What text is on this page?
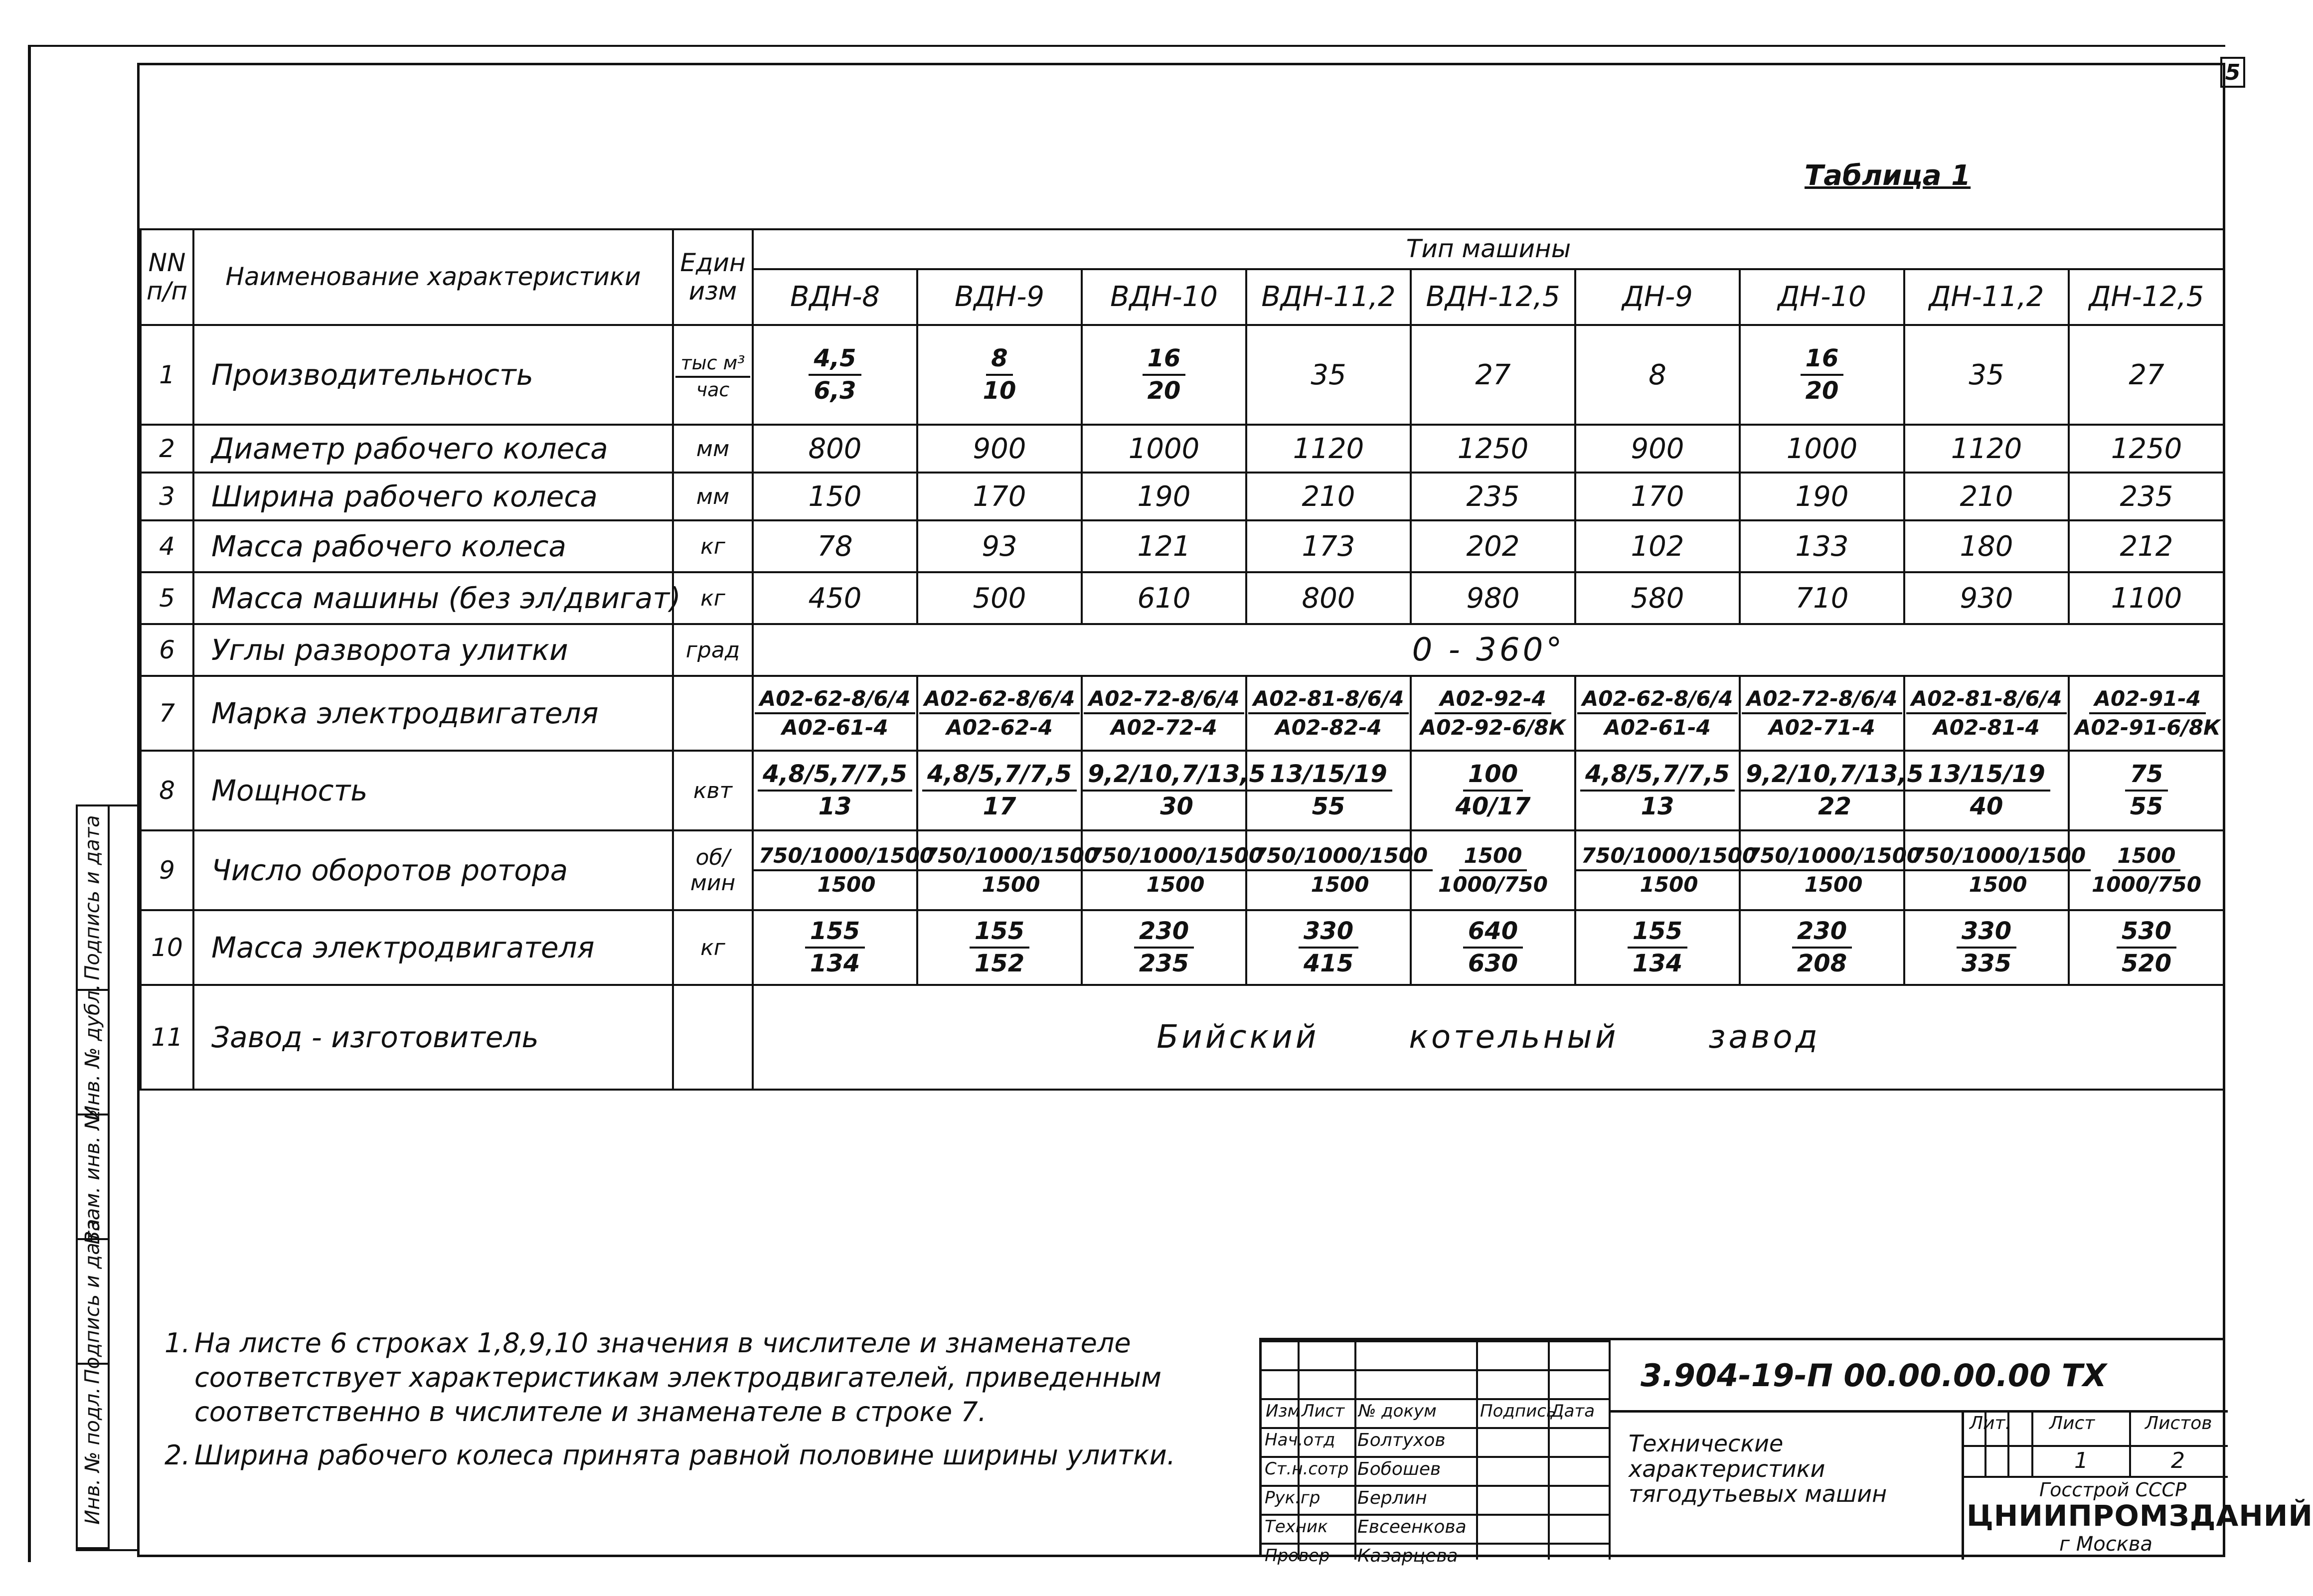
5
Таблица 1
NN п/п	Наименование характеристики	Един изм	Тип машины								
			ВДН-8	ВДН-9	ВДН-10	ВДН-11,2	ВДН-12,5	ДН-9	ДН-10	ДН-11,2	ДН-12,5
1	Производительность	$\frac{\text{тыс м³}}{\text{час}}$	$\frac{4,5}{6,3}$	$\frac{8}{10}$	$\frac{16}{20}$	35	27	8	$\frac{16}{20}$	35	27
2	Диаметр рабочего колеса	мм	800	900	1000	1120	1250	900	1000	1120	1250
3	Ширина рабочего колеса	мм	150	170	190	210	235	170	190	210	235
4	Масса рабочего колеса	кг	78	93	121	173	202	102	133	180	212
5	Масса машины (без эл/двигат)	кг	450	500	610	800	980	580	710	930	1100
6	Углы разворота улитки	град	0 - 360°								
7	Марка электродвигателя		$\frac{А02-62-8/6/4}{А02-61-4}$	$\frac{А02-62-8/6/4}{А02-62-4}$	$\frac{А02-72-8/6/4}{А02-72-4}$	$\frac{А02-81-8/6/4}{А02-82-4}$	$\frac{А02-92-4}{А02-92-6/8К}$	$\frac{А02-62-8/6/4}{А02-61-4}$	$\frac{А02-72-8/6/4}{А02-71-4}$	$\frac{А02-81-8/6/4}{А02-81-4}$	$\frac{А02-91-4}{А02-91-6/8К}$

8	Мощность	квт	$\frac{4,8/5,7/7,5}{13}$	$\frac{4,8/5,7/7,5}{17}$	$\frac{9,2/10,7/13,5}{30}$	$\frac{13/15/19}{55}$	$\frac{100}{40/17}$	$\frac{4,8/5,7/7,5}{13}$	$\frac{9,2/10,7/13,5}{22}$	$\frac{13/15/19}{40}$	$\frac{75}{55}$

9	Число оборотов ротора	об/мин	$\frac{750/1000/1500}{1500}$	$\frac{750/1000/1500}{1500}$	$\frac{750/1000/1500}{1500}$	$\frac{750/1000/1500}{1500}$	$\frac{1500}{1000/750}$	$\frac{750/1000/1500}{1500}$	$\frac{750/1000/1500}{1500}$	$\frac{750/1000/1500}{1500}$	$\frac{1500}{1000/750}$

10	Масса электродвигателя	кг	$\frac{155}{134}$	$\frac{155}{152}$	$\frac{230}{235}$	$\frac{330}{415}$	$\frac{640}{630}$	$\frac{155}{134}$	$\frac{230}{208}$	$\frac{330}{335}$	$\frac{530}{520}$

11	Завод - изготовитель		Бийский котельный завод								
1. На листе 6 строках 1,8,9,10 значения в числителе и знаменателе соответствует характеристикам электродвигателей, приведенным соответственно в числителе и знаменателе в строке 7.
2. Ширина рабочего колеса принята равной половине ширины улитки.
Подпись и дата
Инв. № дубл.
Взам. инв. №
Подпись и дата
Инв. № подл.	Изм Лист № докум	Подпись
Дата
Нач.отд Болтухов
Ст.н.сотр Бобошев
Рук.гр Берлин
Техник Евсеенкова
Провер Казарцева
3.904-19-П 00.00.00.00 ТХ
Технические характеристики тягодутьевых машин
Лит. Лист	Листов
1	2
Госстрой СССР
ЦНИИПРОМЗДАНИЙ
г Москва
